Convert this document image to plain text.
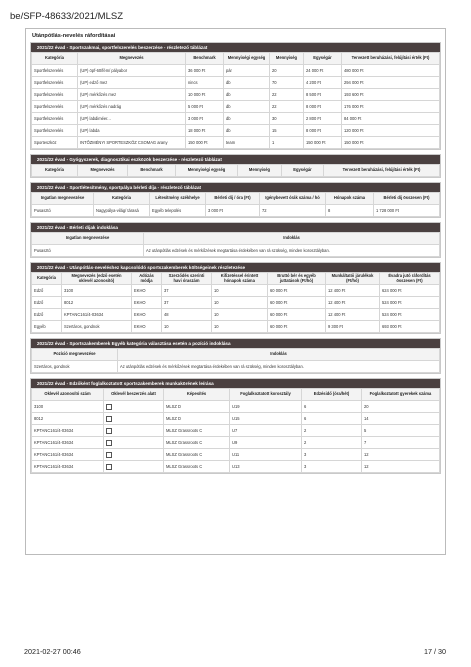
be/SFP-48633/2021/MLSZ
Utánpótlás-nevelés ráfordításai
2021/22 évad - Sportszakmai, sportfelszerelés beszerzése - részletező táblázat
Kategória	Megnevezés	Benchmark	Mennyiségi egység	Mennyiség	Egységár	Tervezett beruházási, felújítási érték (Ft)
Sportfelszerelés	(UP) öpf-60/fém/ pályabor	36 000 Ft	pár	20	24 000 Ft	480 000 Ft
Sportfelszerelés	(UP) edző mez	nincs	db	70	4 200 Ft	294 000 Ft
Sportfelszerelés	(UP) mérkőzés mez	10 000 Ft	db	22	8 500 Ft	193 600 Ft
Sportfelszerelés	(UP) mérkőzés nadrág	5 000 Ft	db	22	8 000 Ft	176 000 Ft
Sportfelszerelés	(UP) labdiméer...	3 000 Ft	db	30	2 800 Ft	84 000 Ft
Sportfelszerelés	(UP) labda	18 000 Ft	db	15	8 000 Ft	120 000 Ft
Sporteszköz	INTŐZMÉNYI SPORTESZKÖZ CSOMAG arany	150 000 Ft	team	1	150 000 Ft	150 000 Ft
2021/22 évad - Gyógyszerek, diagnosztikai eszközök beszerzése - részletező táblázat
Kategória	Megnevezés	Benchmark	Mennyiségi egység	Mennyiség	Egységár	Tervezett beruházási, felújítási érték (Ft)
2021/22 évad - Sportlétesítmény, sportpálya bérleti díja - részletező táblázat
Ingatlan megnevezése	Kategória	Létesítmény székhelye	Bérleti díj / óra (Ft)	Igénybevett órák száma / hó	Hónapok száma	Bérleti díj összesen (Ft)
Pusasztó	Nagypálya-világ/ tárasá	Egyéb település	3 000 Ft	72	8	1 728 000 Ft
2021/22 évad - Bérleti díjak indoklása
Ingatlan megnevezése	Indoklás
Pusasztó	Az utánpótlás edzések és mérkőzések megtartása érdekében van rá szükség, minden korosztályban.
2021/22 évad - Utánpótlás-neveléshez kapcsolódó sportszakemberek költségeinek részletezése
Kategória	Megnevezés (edző esetén oklevél azonosító)	Adózás módja	Szerződés szerinti havi óraszám	Kifizetéssel érintett hónapok száma	Bruttó bér és egyéb juttatások (Ft/hó)	Munkáltatói járulékok (Ft/hó)	Évadra jutó ráfordítás összesen (Ft)
Edző	3100	EKHO	37	10	60 000 Ft	12 400 Ft	624 000 Ft
Edző	8012	EKHO	37	10	60 000 Ft	12 400 Ft	524 000 Ft
Edző	KPTANC161/4-03634	EKHO	48	10	60 000 Ft	12 400 Ft	524 000 Ft
Egyéb	Szertáros, gondnok	EKHO	10	10	60 000 Ft	9 300 Ft	693 000 Ft
2021/22 évad - Sportszakemberek Egyéb kategória választása esetén a pozíció indoklása
Pozíció megnevezése	Indoklás
Szertáros, gondnok	Az utánpótlás edzések és mérkőzések megtartása érdekében van rá szükség, minden korosztályban.
2021/22 évad - Edzőként foglalkoztatott sportszakemberek munkakörének leírása
Oklevél azonosító szám	Oklevél beszerzés alatt	Képesítés	Foglalkoztatott korosztály	Edzésidő (óra/hét)	Foglalkoztatott gyerekek száma
3100		MLSZ D	U19	6	20
8012		MLSZ D	U15	6	14
KPTANC161/4-03634		MLSZ Grassroots C	U7	2	5
KPTANC161/4-03634		MLSZ Grassroots C	U9	2	7
KPTANC161/4-03634		MLSZ Grassroots C	U11	3	12
KPTANC161/4-03634		MLSZ Grassroots C	U13	3	12
2021-02-27 00:46	17 / 30
